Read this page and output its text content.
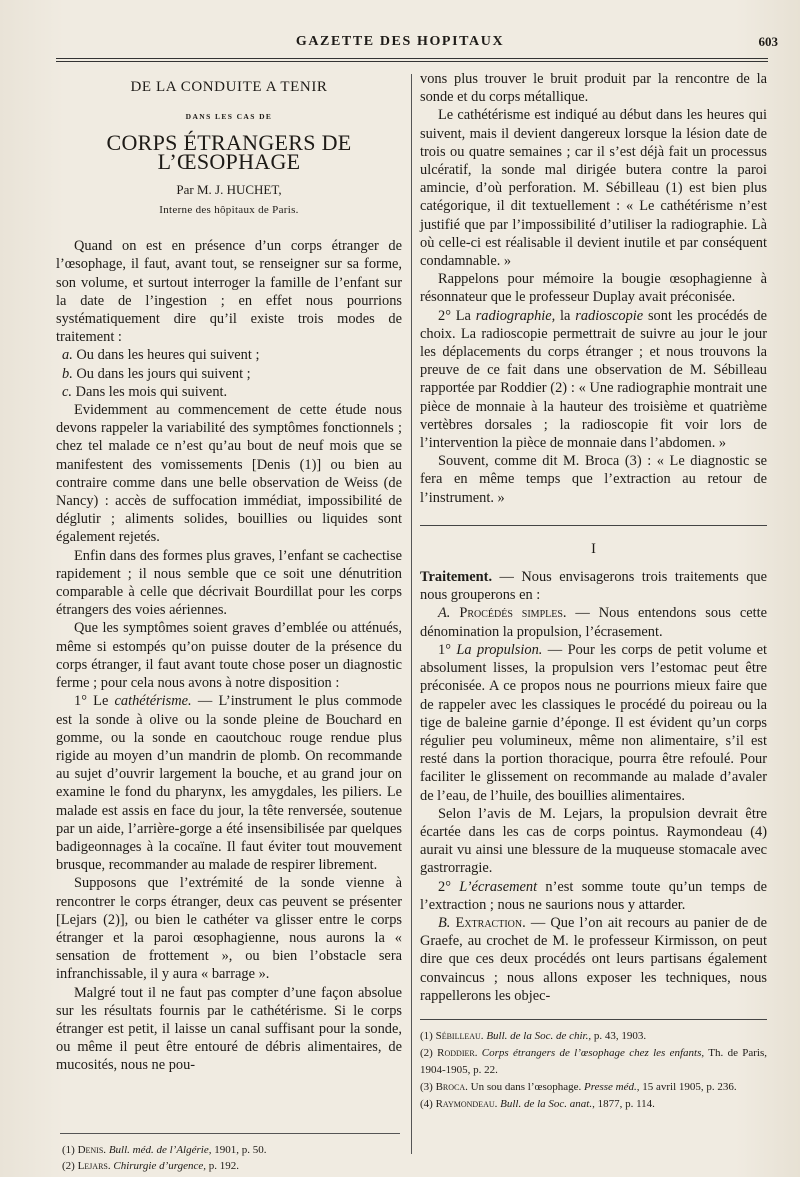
GAZETTE DES HOPITAUX	603
DE LA CONDUITE A TENIR
DANS LES CAS DE
CORPS ÉTRANGERS DE L’ŒSOPHAGE
Par M. J. HUCHET,
Interne des hôpitaux de Paris.

Quand on est en présence d’un corps étranger de l’œsophage, il faut, avant tout, se renseigner sur sa forme, son volume, et surtout interroger la famille de l’enfant sur la date de l’ingestion ; en effet nous pourrions systématiquement dire qu’il existe trois modes de traitement :

a. Ou dans les heures qui suivent ;
b. Ou dans les jours qui suivent ;
c. Dans les mois qui suivent.

Evidemment au commencement de cette étude nous devons rappeler la variabilité des symptômes fonctionnels ; chez tel malade ce n’est qu’au bout de neuf mois que se manifestent des vomissements [Denis (1)] ou bien au contraire comme dans une belle observation de Weiss (de Nancy) : accès de suffocation immédiat, impossibilité de déglutir ; aliments solides, bouillies ou liquides sont également rejetés.

Enfin dans des formes plus graves, l’enfant se cachectise rapidement ; il nous semble que ce soit une dénutrition comparable à celle que décrivait Bourdillat pour les corps étrangers des voies aériennes.

Que les symptômes soient graves d’emblée ou atténués, même si estompés qu’on puisse douter de la présence du corps étranger, il faut avant toute chose poser un diagnostic ferme ; pour cela nous avons à notre disposition :

1° Le cathétérisme. — L’instrument le plus commode est la sonde à olive ou la sonde pleine de Bouchard en gomme, ou la sonde en caoutchouc rouge rendue plus rigide au moyen d’un mandrin de plomb. On recommande au sujet d’ouvrir largement la bouche, et au grand jour on examine le fond du pharynx, les amygdales, les piliers. Le malade est assis en face du jour, la tête renversée, soutenue par un aide, l’arrière-gorge a été insensibilisée par quelques badigeonnages à la cocaïne. Il faut éviter tout mouvement brusque, recommander au malade de respirer librement.

Supposons que l’extrémité de la sonde vienne à rencontrer le corps étranger, deux cas peuvent se présenter [Lejars (2)], ou bien le cathéter va glisser entre le corps étranger et la paroi œsophagienne, nous aurons la « sensation de frottement », ou bien l’obstacle sera infranchissable, il y aura « barrage ».

Malgré tout il ne faut pas compter d’une façon absolue sur les résultats fournis par le cathétérisme. Si le corps étranger est petit, il laisse un canal suffisant pour la sonde, ou même il peut être entouré de débris alimentaires, de mucosités, nous ne pou-

(1) Denis. Bull. méd. de l’Algérie, 1901, p. 50.
(2) Lejars. Chirurgie d’urgence, p. 192.

vons plus trouver le bruit produit par la rencontre de la sonde et du corps métallique.

Le cathétérisme est indiqué au début dans les heures qui suivent, mais il devient dangereux lorsque la lésion date de trois ou quatre semaines ; car il s’est déjà fait un processus ulcératif, la sonde mal dirigée butera contre la paroi amincie, d’où perforation. M. Sébilleau (1) est bien plus catégorique, il dit textuellement : « Le cathétérisme n’est justifié que par l’impossibilité d’utiliser la radiographie. Là où celle-ci est réalisable il devient inutile et par conséquent condamnable. »

Rappelons pour mémoire la bougie œsophagienne à résonnateur que le professeur Duplay avait préconisée.

2° La radiographie, la radioscopie sont les procédés de choix. La radioscopie permettrait de suivre au jour le jour les déplacements du corps étranger ; et nous trouvons la preuve de ce fait dans une observation de M. Sébilleau rapportée par Roddier (2) : « Une radiographie montrait une pièce de monnaie à la hauteur des troisième et quatrième vertèbres dorsales ; la radioscopie fit voir lors de l’intervention la pièce de monnaie dans l’abdomen. »

Souvent, comme dit M. Broca (3) : « Le diagnostic se fera en même temps que l’extraction au retour de l’instrument. »

I

Traitement. — Nous envisagerons trois traitements que nous grouperons en :

A. Procédés simples. — Nous entendons sous cette dénomination la propulsion, l’écrasement.

1° La propulsion. — Pour les corps de petit volume et absolument lisses, la propulsion vers l’estomac peut être préconisée. A ce propos nous ne pourrions mieux faire que de rappeler avec les classiques le procédé du poireau ou la tige de baleine garnie d’éponge. Il est évident qu’un corps régulier peu volumineux, même non alimentaire, s’il est resté dans la portion thoracique, pourra être refoulé. Pour faciliter le glissement on recommande au malade d’avaler de l’eau, de l’huile, des bouillies alimentaires.

Selon l’avis de M. Lejars, la propulsion devrait être écartée dans les cas de corps pointus. Raymondeau (4) aurait vu ainsi une blessure de la muqueuse stomacale avec gastrorragie.

2° L’écrasement n’est somme toute qu’un temps de l’extraction ; nous ne saurions nous y attarder.

B. Extraction. — Que l’on ait recours au panier de de Graefe, au crochet de M. le professeur Kirmisson, on peut dire que ces deux procédés ont leurs partisans également convaincus ; nous allons exposer les techniques, nous rappellerons les objec-

(1) Sébilleau. Bull. de la Soc. de chir., p. 43, 1903.
(2) Roddier. Corps étrangers de l’œsophage chez les enfants, Th. de Paris, 1904-1905, p. 22.
(3) Broca. Un sou dans l’œsophage. Presse méd., 15 avril 1905, p. 236.
(4) Raymondeau. Bull. de la Soc. anat., 1877, p. 114.
